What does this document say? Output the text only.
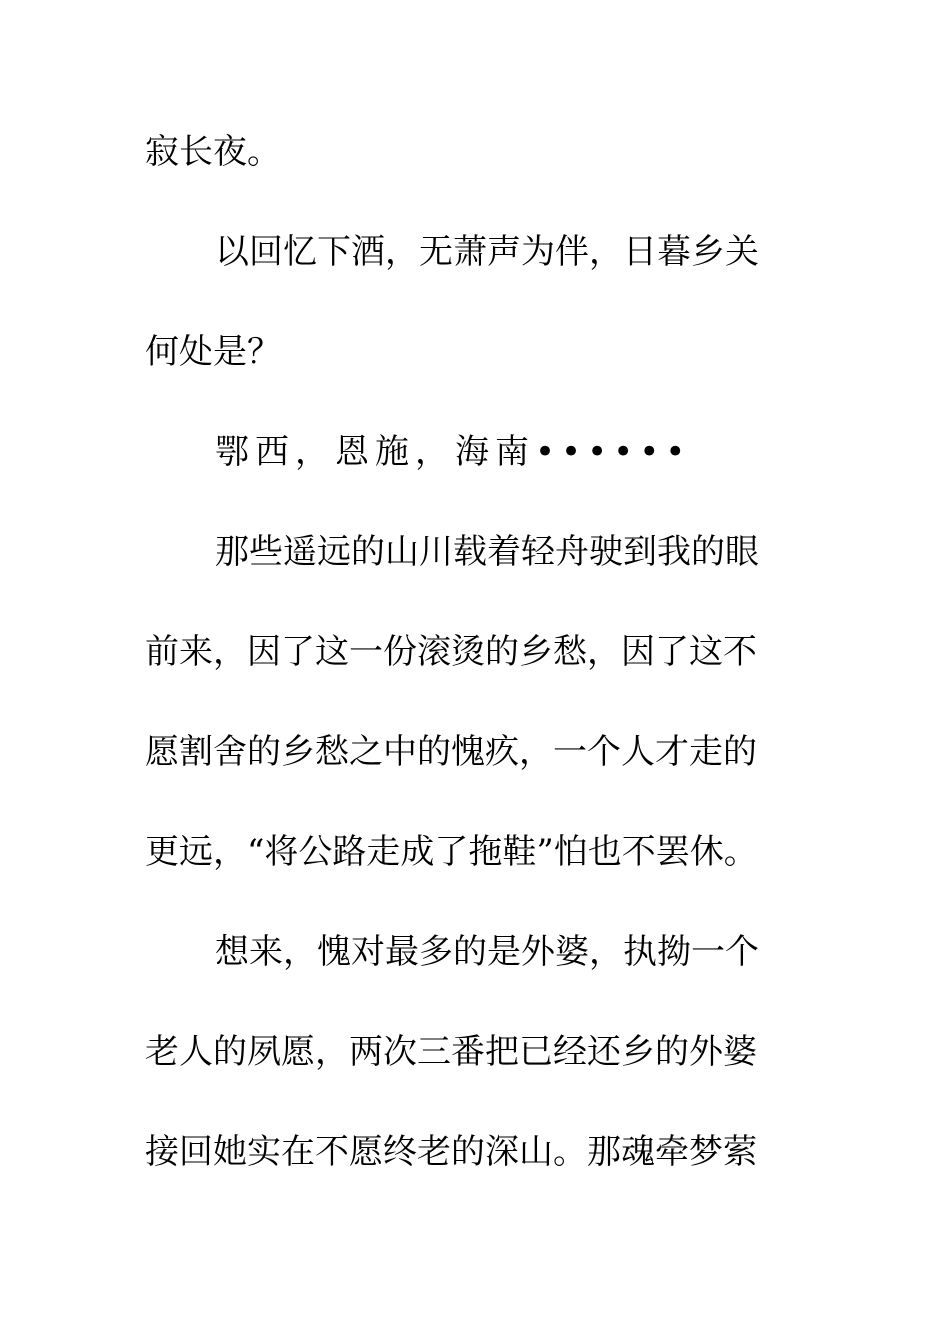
寂长夜。
以回忆下酒，无萧声为伴，日暮乡关
何处是？
鄂西，恩施，海南••••••
那些遥远的山川载着轻舟驶到我的眼
前来，因了这一份滚烫的乡愁，因了这不
愿割舍的乡愁之中的愧疚，一个人才走的
更远，“将公路走成了拖鞋”怕也不罢休。
想来，愧对最多的是外婆，执拗一个
老人的夙愿，两次三番把已经还乡的外婆
接回她实在不愿终老的深山。那魂牵梦萦
